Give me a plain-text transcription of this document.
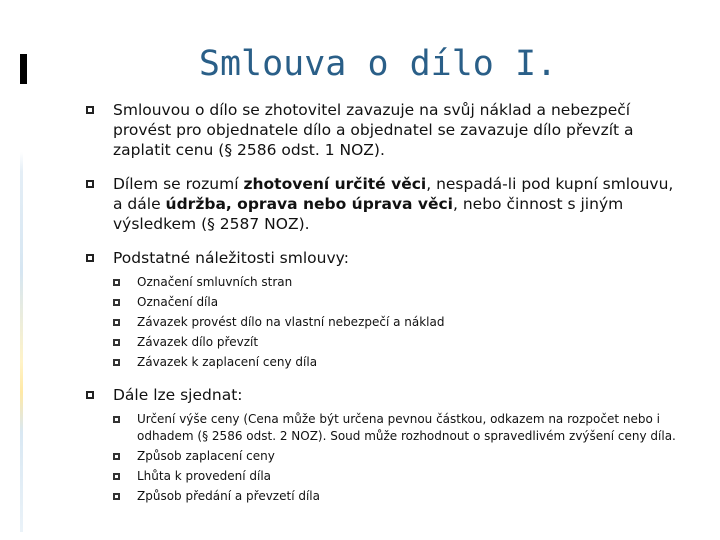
Smlouva o dílo I.
Smlouvou o dílo se zhotovitel zavazuje na svůj náklad a nebezpečí provést pro objednatele dílo a objednatel se zavazuje dílo převzít a zaplatit cenu (§ 2586 odst. 1 NOZ).
Dílem se rozumí zhotovení určité věci, nespadá-li pod kupní smlouvu, a dále údržba, oprava nebo úprava věci, nebo činnost s jiným výsledkem (§ 2587 NOZ).
Podstatné náležitosti smlouvy:
Označení smluvních stran
Označení díla
Závazek provést dílo na vlastní nebezpečí a náklad
Závazek dílo převzít
Závazek k zaplacení ceny díla
Dále lze sjednat:
Určení výše ceny (Cena může být určena pevnou částkou, odkazem na rozpočet nebo i odhadem (§ 2586 odst. 2 NOZ). Soud může rozhodnout o spravedlivém zvýšení ceny díla.
Způsob zaplacení ceny
Lhůta k provedení díla
Způsob předání a převzetí díla
